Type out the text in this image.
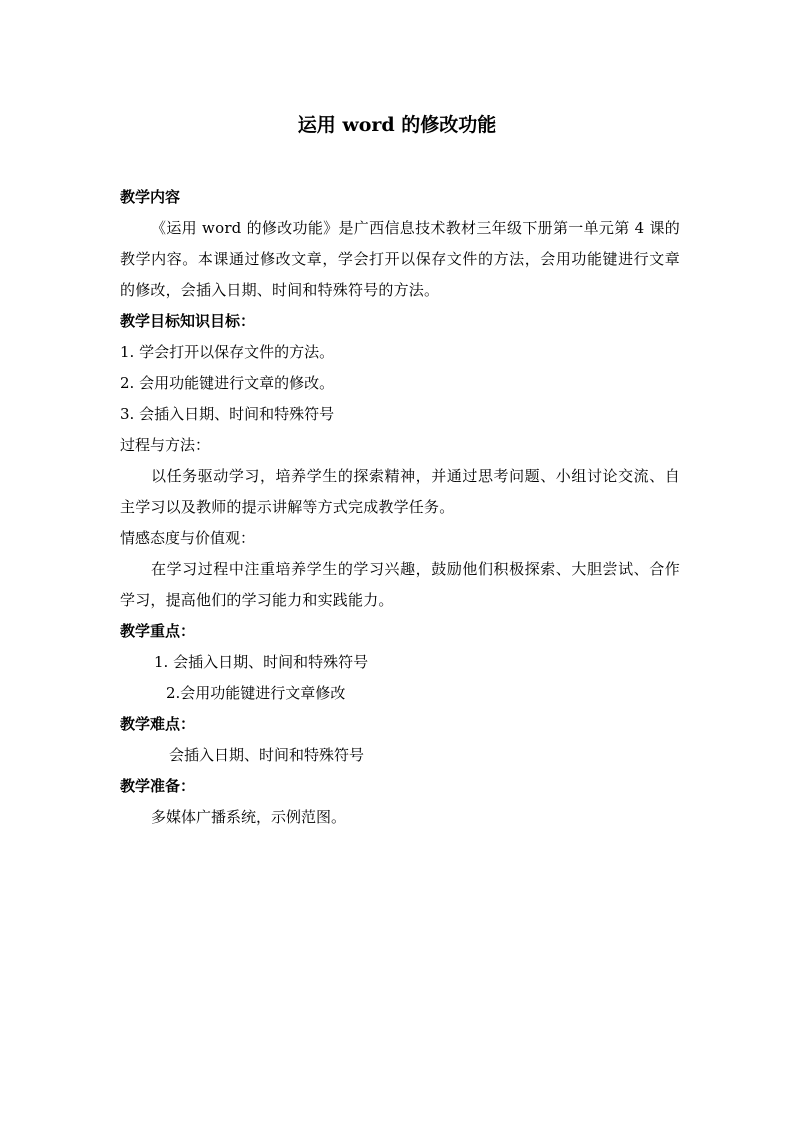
运用 word 的修改功能
教学内容

《运用 word 的修改功能》是广西信息技术教材三年级下册第一单元第 4 课的教学内容。本课通过修改文章，学会打开以保存文件的方法，会用功能键进行文章的修改，会插入日期、时间和特殊符号的方法。

教学目标知识目标：
1. 学会打开以保存文件的方法。
2. 会用功能键进行文章的修改。
3. 会插入日期、时间和特殊符号
过程与方法：

以任务驱动学习，培养学生的探索精神，并通过思考问题、小组讨论交流、自主学习以及教师的提示讲解等方式完成教学任务。

情感态度与价值观：

在学习过程中注重培养学生的学习兴趣，鼓励他们积极探索、大胆尝试、合作学习，提高他们的学习能力和实践能力。

教学重点：
1. 会插入日期、时间和特殊符号
2.会用功能键进行文章修改
教学难点：
会插入日期、时间和特殊符号
教学准备：
多媒体广播系统，示例范图。
